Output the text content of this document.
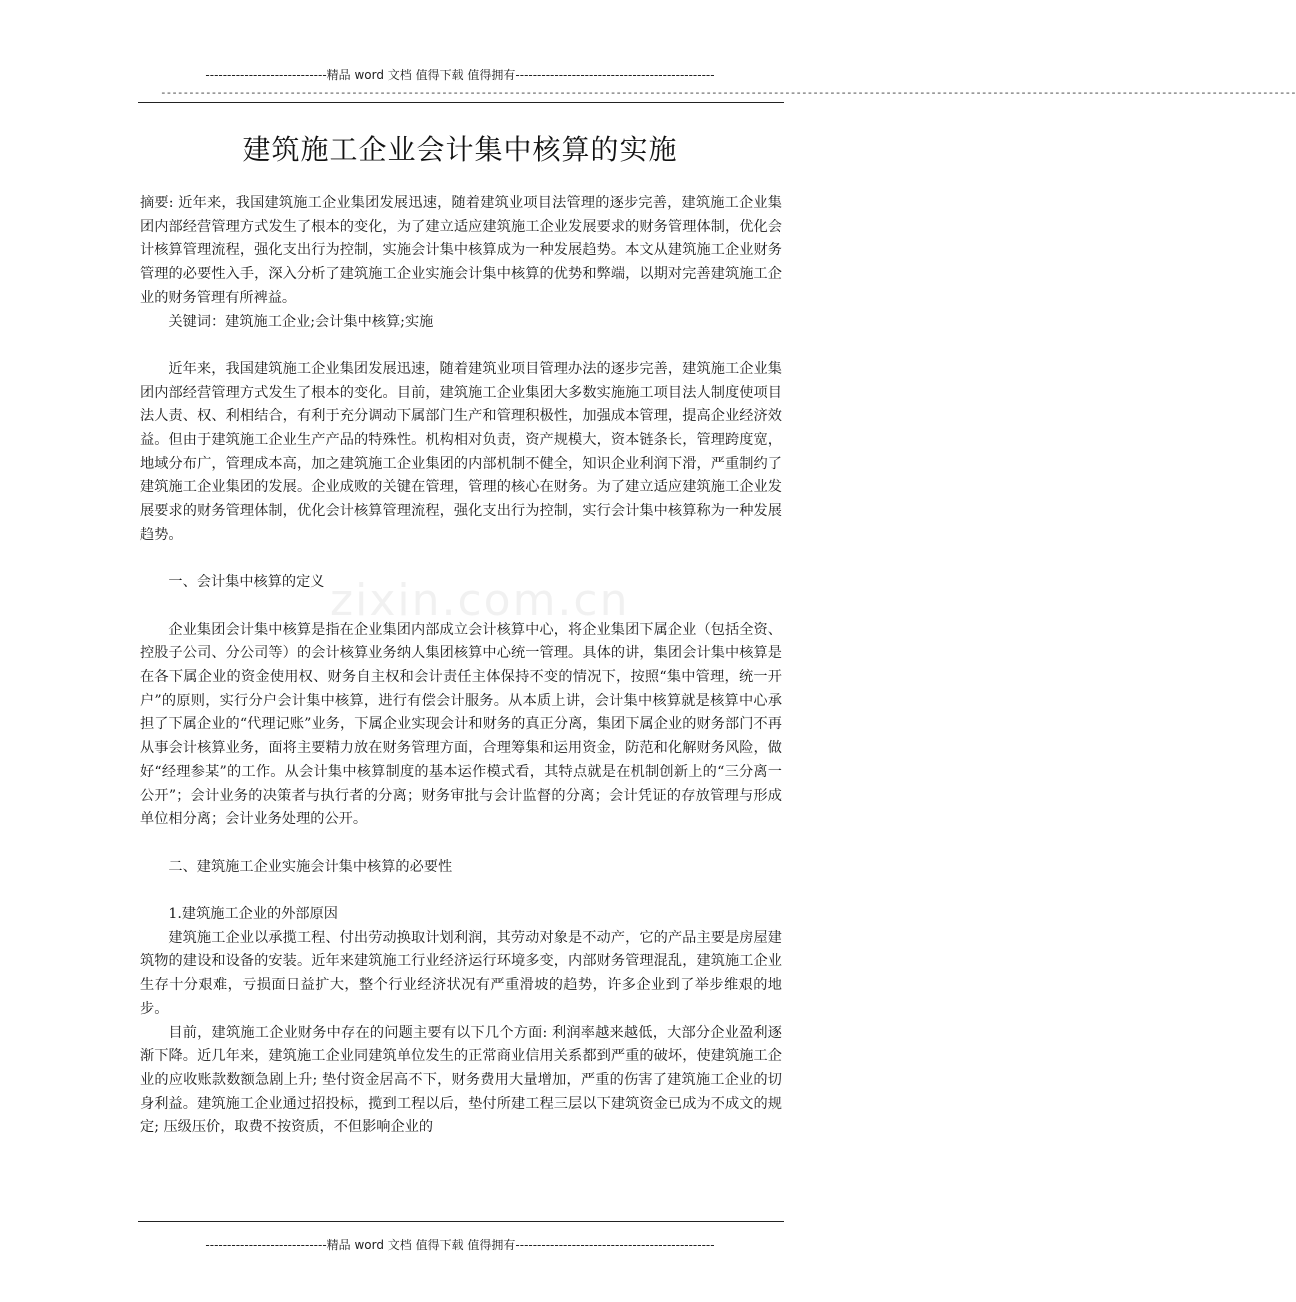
----------------------------精品 word 文档 值得下载 值得拥有----------------------------------------------
----------------------------------------------------------------------------------------------------------------------------------------------------------------------------------------------------------
zixin.com.cn
建筑施工企业会计集中核算的实施

摘要: 近年来，我国建筑施工企业集团发展迅速，随着建筑业项目法管理的逐步完善，建筑施工企业集团内部经营管理方式发生了根本的变化，为了建立适应建筑施工企业发展要求的财务管理体制，优化会计核算管理流程，强化支出行为控制，实施会计集中核算成为一种发展趋势。本文从建筑施工企业财务管理的必要性入手，深入分析了建筑施工企业实施会计集中核算的优势和弊端，以期对完善建筑施工企业的财务管理有所裨益。

关键词：建筑施工企业;会计集中核算;实施

近年来，我国建筑施工企业集团发展迅速，随着建筑业项目管理办法的逐步完善，建筑施工企业集团内部经营管理方式发生了根本的变化。目前，建筑施工企业集团大多数实施施工项目法人制度使项目法人责、权、利相结合，有利于充分调动下属部门生产和管理积极性，加强成本管理，提高企业经济效益。但由于建筑施工企业生产产品的特殊性。机构相对负责，资产规模大，资本链条长，管理跨度宽，地域分布广，管理成本高，加之建筑施工企业集团的内部机制不健全，知识企业利润下滑，严重制约了建筑施工企业集团的发展。企业成败的关键在管理，管理的核心在财务。为了建立适应建筑施工企业发展要求的财务管理体制，优化会计核算管理流程，强化支出行为控制，实行会计集中核算称为一种发展趋势。

一、会计集中核算的定义

企业集团会计集中核算是指在企业集团内部成立会计核算中心，将企业集团下属企业（包括全资、控股子公司、分公司等）的会计核算业务纳人集团核算中心统一管理。具体的讲，集团会计集中核算是在各下属企业的资金使用权、财务自主权和会计责任主体保持不变的情况下，按照“集中管理，统一开户”的原则，实行分户会计集中核算，进行有偿会计服务。从本质上讲，会计集中核算就是核算中心承担了下属企业的“代理记账”业务，下属企业实现会计和财务的真正分离，集团下属企业的财务部门不再从事会计核算业务，面将主要精力放在财务管理方面，合理筹集和运用资金，防范和化解财务风险，做好“经理参某”的工作。从会计集中核算制度的基本运作模式看，其特点就是在机制创新上的“三分离一公开”；会计业务的决策者与执行者的分离；财务审批与会计监督的分离；会计凭证的存放管理与形成单位相分离；会计业务处理的公开。

二、建筑施工企业实施会计集中核算的必要性

1.建筑施工企业的外部原因

建筑施工企业以承揽工程、付出劳动换取计划利润，其劳动对象是不动产，它的产品主要是房屋建筑物的建设和设备的安装。近年来建筑施工行业经济运行环境多变，内部财务管理混乱，建筑施工企业生存十分艰难，亏损面日益扩大，整个行业经济状况有严重滑坡的趋势，许多企业到了举步维艰的地步。

目前，建筑施工企业财务中存在的问题主要有以下几个方面: 利润率越来越低，大部分企业盈利逐渐下降。近几年来，建筑施工企业同建筑单位发生的正常商业信用关系都到严重的破坏，使建筑施工企业的应收账款数额急剧上升; 垫付资金居高不下，财务费用大量增加，严重的伤害了建筑施工企业的切身利益。建筑施工企业通过招投标，揽到工程以后，垫付所建工程三层以下建筑资金已成为不成文的规定; 压级压价，取费不按资质，不但影响企业的

----------------------------精品 word 文档 值得下载 值得拥有----------------------------------------------
